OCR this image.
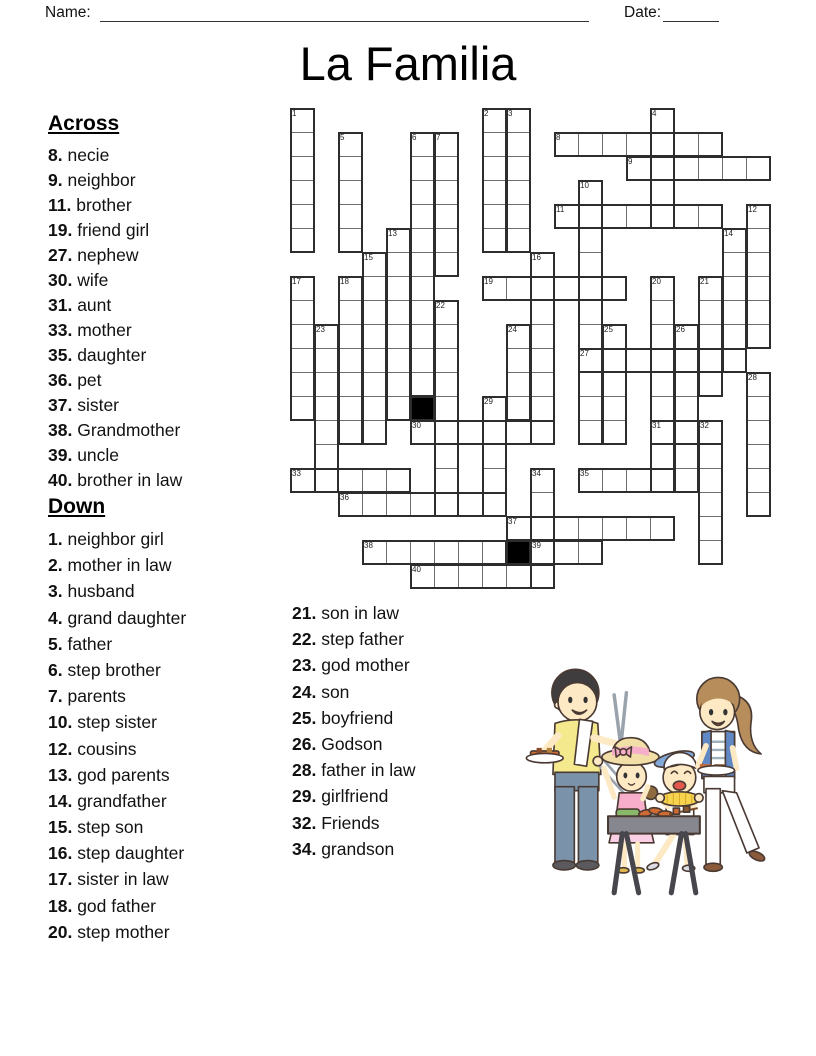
Name:	Date:
La Familia
Across
8. necie
9. neighbor
11. brother
19. friend girl
27. nephew
30. wife
31. aunt
33. mother
35. daughter
36. pet
37. sister
38. Grandmother
39. uncle
40. brother in law
Down
1. neighbor girl
2. mother in law
3. husband
4. grand daughter
5. father
6. step brother
7. parents
10. step sister
12. cousins
13. god parents
14. grandfather
15. step son
16. step daughter
17. sister in law
18. god father
20. step mother
21. son in law
22. step father
23. god mother
24. son
25. boyfriend
26. Godson
28. father in law
29. girlfriend
32. Friends
34. grandson
1	2 3	4
5	6 7	8
9
10
27
11	12
13	14
15	16
17	18	19	20
31
21
22
23	24	25	26
28
29
30	32
33	34
39
35
36
37
38
40
